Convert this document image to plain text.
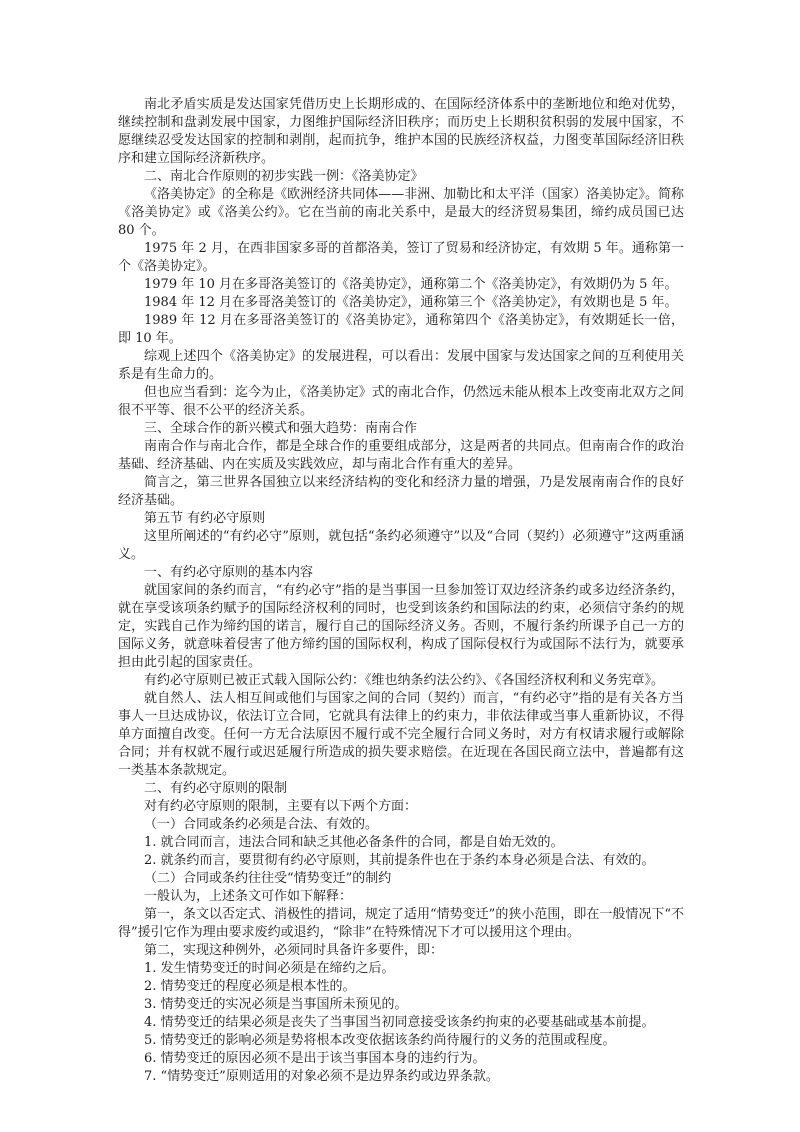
南北矛盾实质是发达国家凭借历史上长期形成的、在国际经济体系中的垄断地位和绝对优势，继续控制和盘剥发展中国家，力图维护国际经济旧秩序；而历史上长期积贫积弱的发展中国家，不愿继续忍受发达国家的控制和剥削，起而抗争，维护本国的民族经济权益，力图变革国际经济旧秩序和建立国际经济新秩序。

二、南北合作原则的初步实践一例：《洛美协定》

《洛美协定》的全称是《欧洲经济共同体——非洲、加勒比和太平洋（国家）洛美协定》。简称《洛美协定》或《洛美公约》。它在当前的南北关系中，是最大的经济贸易集团，缔约成员国已达 80 个。

1975 年 2 月，在西非国家多哥的首都洛美，签订了贸易和经济协定，有效期 5 年。通称第一个《洛美协定》。

1979 年 10 月在多哥洛美签订的《洛美协定》，通称第二个《洛美协定》，有效期仍为 5 年。

1984 年 12 月在多哥洛美签订的《洛美协定》，通称第三个《洛美协定》，有效期也是 5 年。

1989 年 12 月在多哥洛美签订的《洛美协定》，通称第四个《洛美协定》，有效期延长一倍，即 10 年。

综观上述四个《洛美协定》的发展进程，可以看出：发展中国家与发达国家之间的互利使用关系是有生命力的。

但也应当看到：迄今为止，《洛美协定》式的南北合作，仍然远未能从根本上改变南北双方之间很不平等、很不公平的经济关系。

三、全球合作的新兴模式和强大趋势：南南合作

南南合作与南北合作，都是全球合作的重要组成部分，这是两者的共同点。但南南合作的政治基础、经济基础、内在实质及实践效应，却与南北合作有重大的差异。

简言之，第三世界各国独立以来经济结构的变化和经济力量的增强，乃是发展南南合作的良好经济基础。

第五节 有约必守原则

这里所阐述的“有约必守”原则，就包括“条约必须遵守”以及“合同（契约）必须遵守”这两重涵义。

一、有约必守原则的基本内容

就国家间的条约而言，“有约必守”指的是当事国一旦参加签订双边经济条约或多边经济条约，就在享受该项条约赋予的国际经济权利的同时，也受到该条约和国际法的约束，必须信守条约的规定，实践自己作为缔约国的诺言，履行自己的国际经济义务。否则，不履行条约所课予自己一方的国际义务，就意味着侵害了他方缔约国的国际权利，构成了国际侵权行为或国际不法行为，就要承担由此引起的国家责任。

有约必守原则已被正式载入国际公约：《维也纳条约法公约》、《各国经济权利和义务宪章》。

就自然人、法人相互间或他们与国家之间的合同（契约）而言，“有约必守”指的是有关各方当事人一旦达成协议，依法订立合同，它就具有法律上的约束力，非依法律或当事人重新协议，不得单方面擅自改变。任何一方无合法原因不履行或不完全履行合同义务时，对方有权请求履行或解除合同；并有权就不履行或迟延履行所造成的损失要求赔偿。在近现在各国民商立法中，普遍都有这一类基本条款规定。

二、有约必守原则的限制

对有约必守原则的限制，主要有以下两个方面：

（一）合同或条约必须是合法、有效的。

1. 就合同而言，违法合同和缺乏其他必备条件的合同，都是自始无效的。

2. 就条约而言，要贯彻有约必守原则，其前提条件也在于条约本身必须是合法、有效的。

（二）合同或条约往往受“情势变迁”的制约

一般认为，上述条文可作如下解释：

第一，条文以否定式、消极性的措词，规定了适用“情势变迁”的狭小范围，即在一般情况下“不得”援引它作为理由要求废约或退约，“除非”在特殊情况下才可以援用这个理由。

第二，实现这种例外，必须同时具备许多要件，即：

1. 发生情势变迁的时间必须是在缔约之后。

2. 情势变迁的程度必须是根本性的。

3. 情势变迁的实况必须是当事国所未预见的。

4. 情势变迁的结果必须是丧失了当事国当初同意接受该条约拘束的必要基础或基本前提。

5. 情势变迁的影响必须是势将根本改变依据该条约尚待履行的义务的范围或程度。

6. 情势变迁的原因必须不是出于该当事国本身的违约行为。

7. “情势变迁”原则适用的对象必须不是边界条约或边界条款。
